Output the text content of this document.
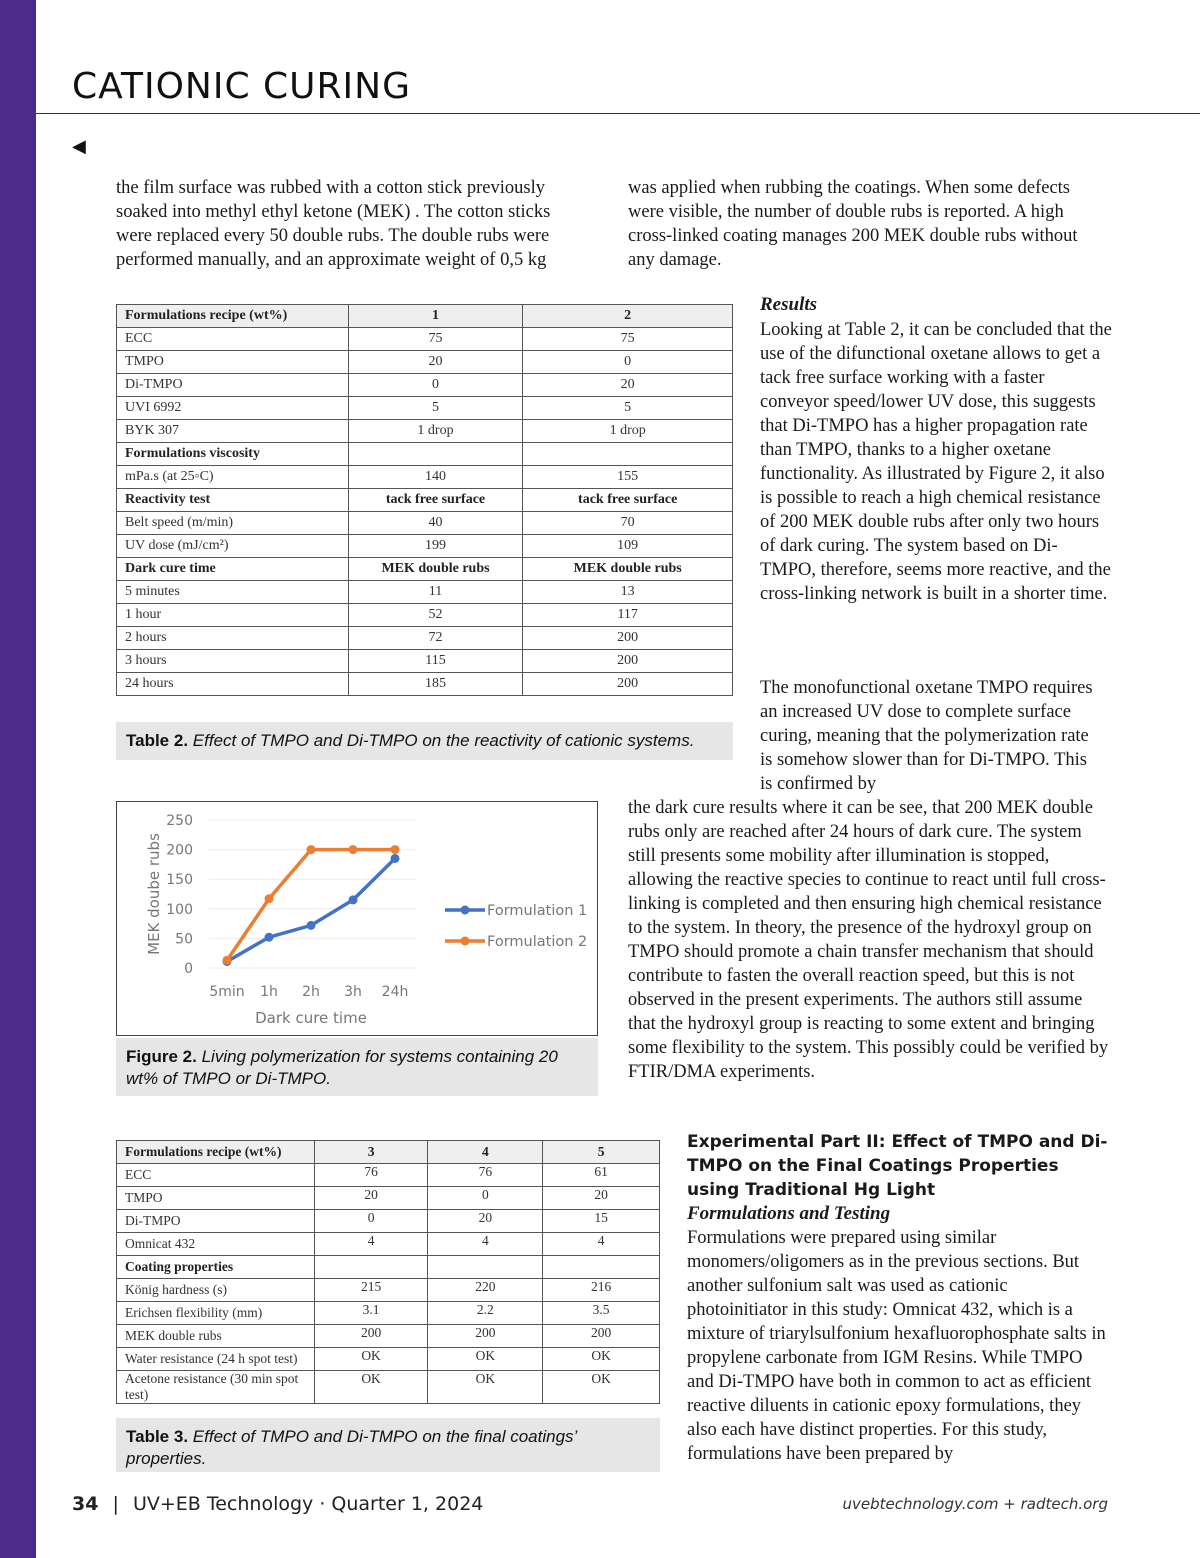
CATIONIC CURING
◀

the film surface was rubbed with a cotton stick previously soaked into methyl ethyl ketone (MEK) . The cotton sticks were replaced every 50 double rubs. The double rubs were performed manually, and an approximate weight of 0,5 kg

was applied when rubbing the coatings. When some defects were visible, the number of double rubs is reported. A high cross-linked coating manages 200 MEK double rubs without any damage.

Formulations recipe (wt%)	1	2
ECC	75	75
TMPO	20	0
Di-TMPO	0	20
UVI 6992	5	5
BYK 307	1 drop	1 drop
Formulations viscosity		
mPa.s (at 25◦C)	140	155
Reactivity test	tack free surface	tack free surface
Belt speed (m/min)	40	70
UV dose (mJ/cm²)	199	109
Dark cure time	MEK double rubs	MEK double rubs
5 minutes	11	13
1 hour	52	117
2 hours	72	200
3 hours	115	200
24 hours	185	200
Table 2. Effect of TMPO and Di-TMPO on the reactivity of cationic systems.
Results

Looking at Table 2, it can be concluded that the use of the difunctional oxetane allows to get a tack free surface working with a faster conveyor speed/lower UV dose, this suggests that Di-TMPO has a higher propagation rate than TMPO, thanks to a higher oxetane functionality. As illustrated by Figure 2, it also is possible to reach a high chemical resistance of 200 MEK double rubs after only two hours of dark curing. The system based on Di-TMPO, therefore, seems more reactive, and the cross-linking network is built in a shorter time.

The monofunctional oxetane TMPO requires an increased UV dose to complete surface curing, meaning that the polymerization rate is somehow slower than for Di-TMPO. This is confirmed by

the dark cure results where it can be see, that 200 MEK double rubs only are reached after 24 hours of dark cure. The system still presents some mobility after illumination is stopped, allowing the reactive species to continue to react until full cross-linking is completed and then ensuring high chemical resistance to the system. In theory, the presence of the hydroxyl group on TMPO should promote a chain transfer mechanism that should contribute to fasten the overall reaction speed, but this is not observed in the present experiments. The authors still assume that the hydroxyl group is reacting to some extent and bringing some flexibility to the system. This possibly could be verified by FTIR/DMA experiments.

250
200
150
100
50
0
5min 1h 2h 3h 24h
MEK doube rubs
Dark cure time
Formulation 1
Formulation 2
Figure 2. Living polymerization for systems containing 20 wt% of TMPO or Di-TMPO.
Formulations recipe (wt%)	3	4	5
ECC	76	76	61
TMPO	20	0	20
Di-TMPO	0	20	15
Omnicat 432	4	4	4
Coating properties			
König hardness (s)	215	220	216
Erichsen flexibility (mm)	3.1	2.2	3.5
MEK double rubs	200	200	200
Water resistance (24 h spot test)	OK	OK	OK
Acetone resistance (30 min spot test)	OK	OK	OK
Table 3. Effect of TMPO and Di-TMPO on the final coatings’ properties.
Experimental Part II: Effect of TMPO and Di-TMPO on the Final Coatings Properties using Traditional Hg Light
Formulations and Testing

Formulations were prepared using similar monomers/oligomers as in the previous sections. But another sulfonium salt was used as cationic photoinitiator in this study: Omnicat 432, which is a mixture of triarylsulfonium hexafluorophosphate salts in propylene carbonate from IGM Resins. While TMPO and Di-TMPO have both in common to act as efficient reactive diluents in cationic epoxy formulations, they also each have distinct properties. For this study, formulations have been prepared by

34 | UV+EB Technology · Quarter 1, 2024	uvebtechnology.com + radtech.org
